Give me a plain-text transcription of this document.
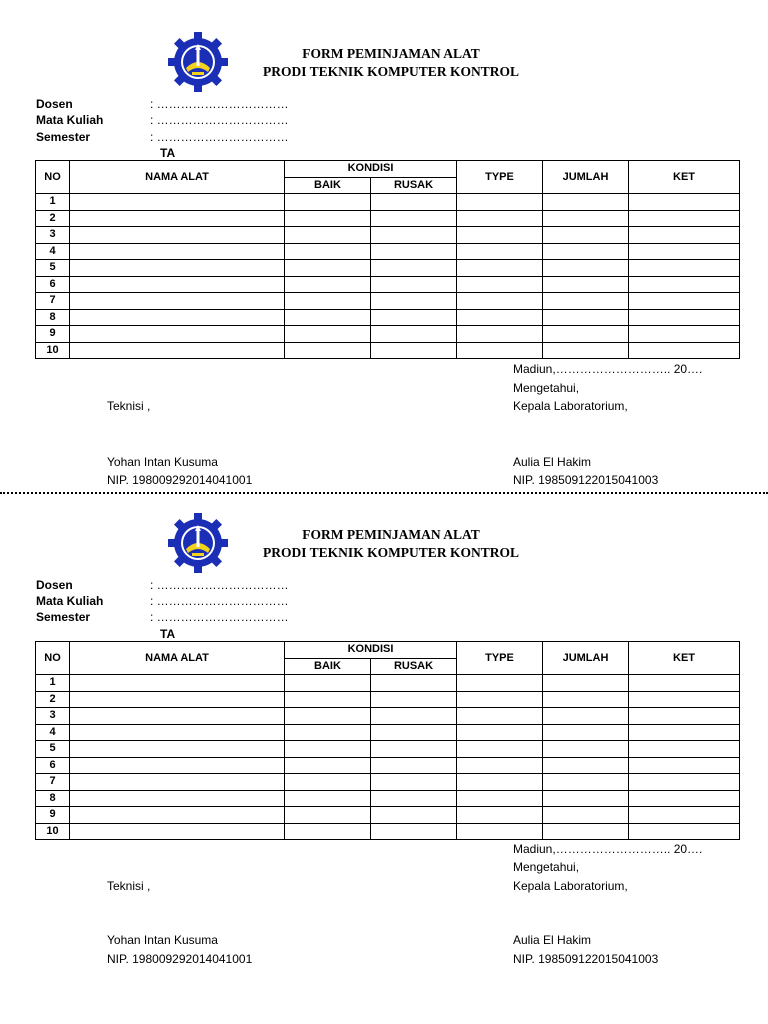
FORM PEMINJAMAN ALAT
PRODI TEKNIK KOMPUTER KONTROL
Dosen	: ……………………………
Mata Kuliah	: ……………………………
Semester	: ……………………………
TA
NO	NAMA ALAT	KONDISI		TYPE	JUMLAH	KET
		BAIK	RUSAK			
1						
2						
3						
4						
5						
6						
7						
8						
9						
10						
Madiun,……………………….. 20….
Mengetahui,
Kepala Laboratorium,
Teknisi ,
Yohan Intan Kusuma
NIP. 198009292014041001
Aulia El Hakim
NIP. 198509122015041003
FORM PEMINJAMAN ALAT
PRODI TEKNIK KOMPUTER KONTROL
Dosen	: ……………………………
Mata Kuliah	: ……………………………
Semester	: ……………………………
TA
NO	NAMA ALAT	KONDISI		TYPE	JUMLAH	KET
		BAIK	RUSAK			
1						
2						
3						
4						
5						
6						
7						
8						
9						
10						
Madiun,……………………….. 20….
Mengetahui,
Kepala Laboratorium,
Teknisi ,
Yohan Intan Kusuma
NIP. 198009292014041001
Aulia El Hakim
NIP. 198509122015041003
